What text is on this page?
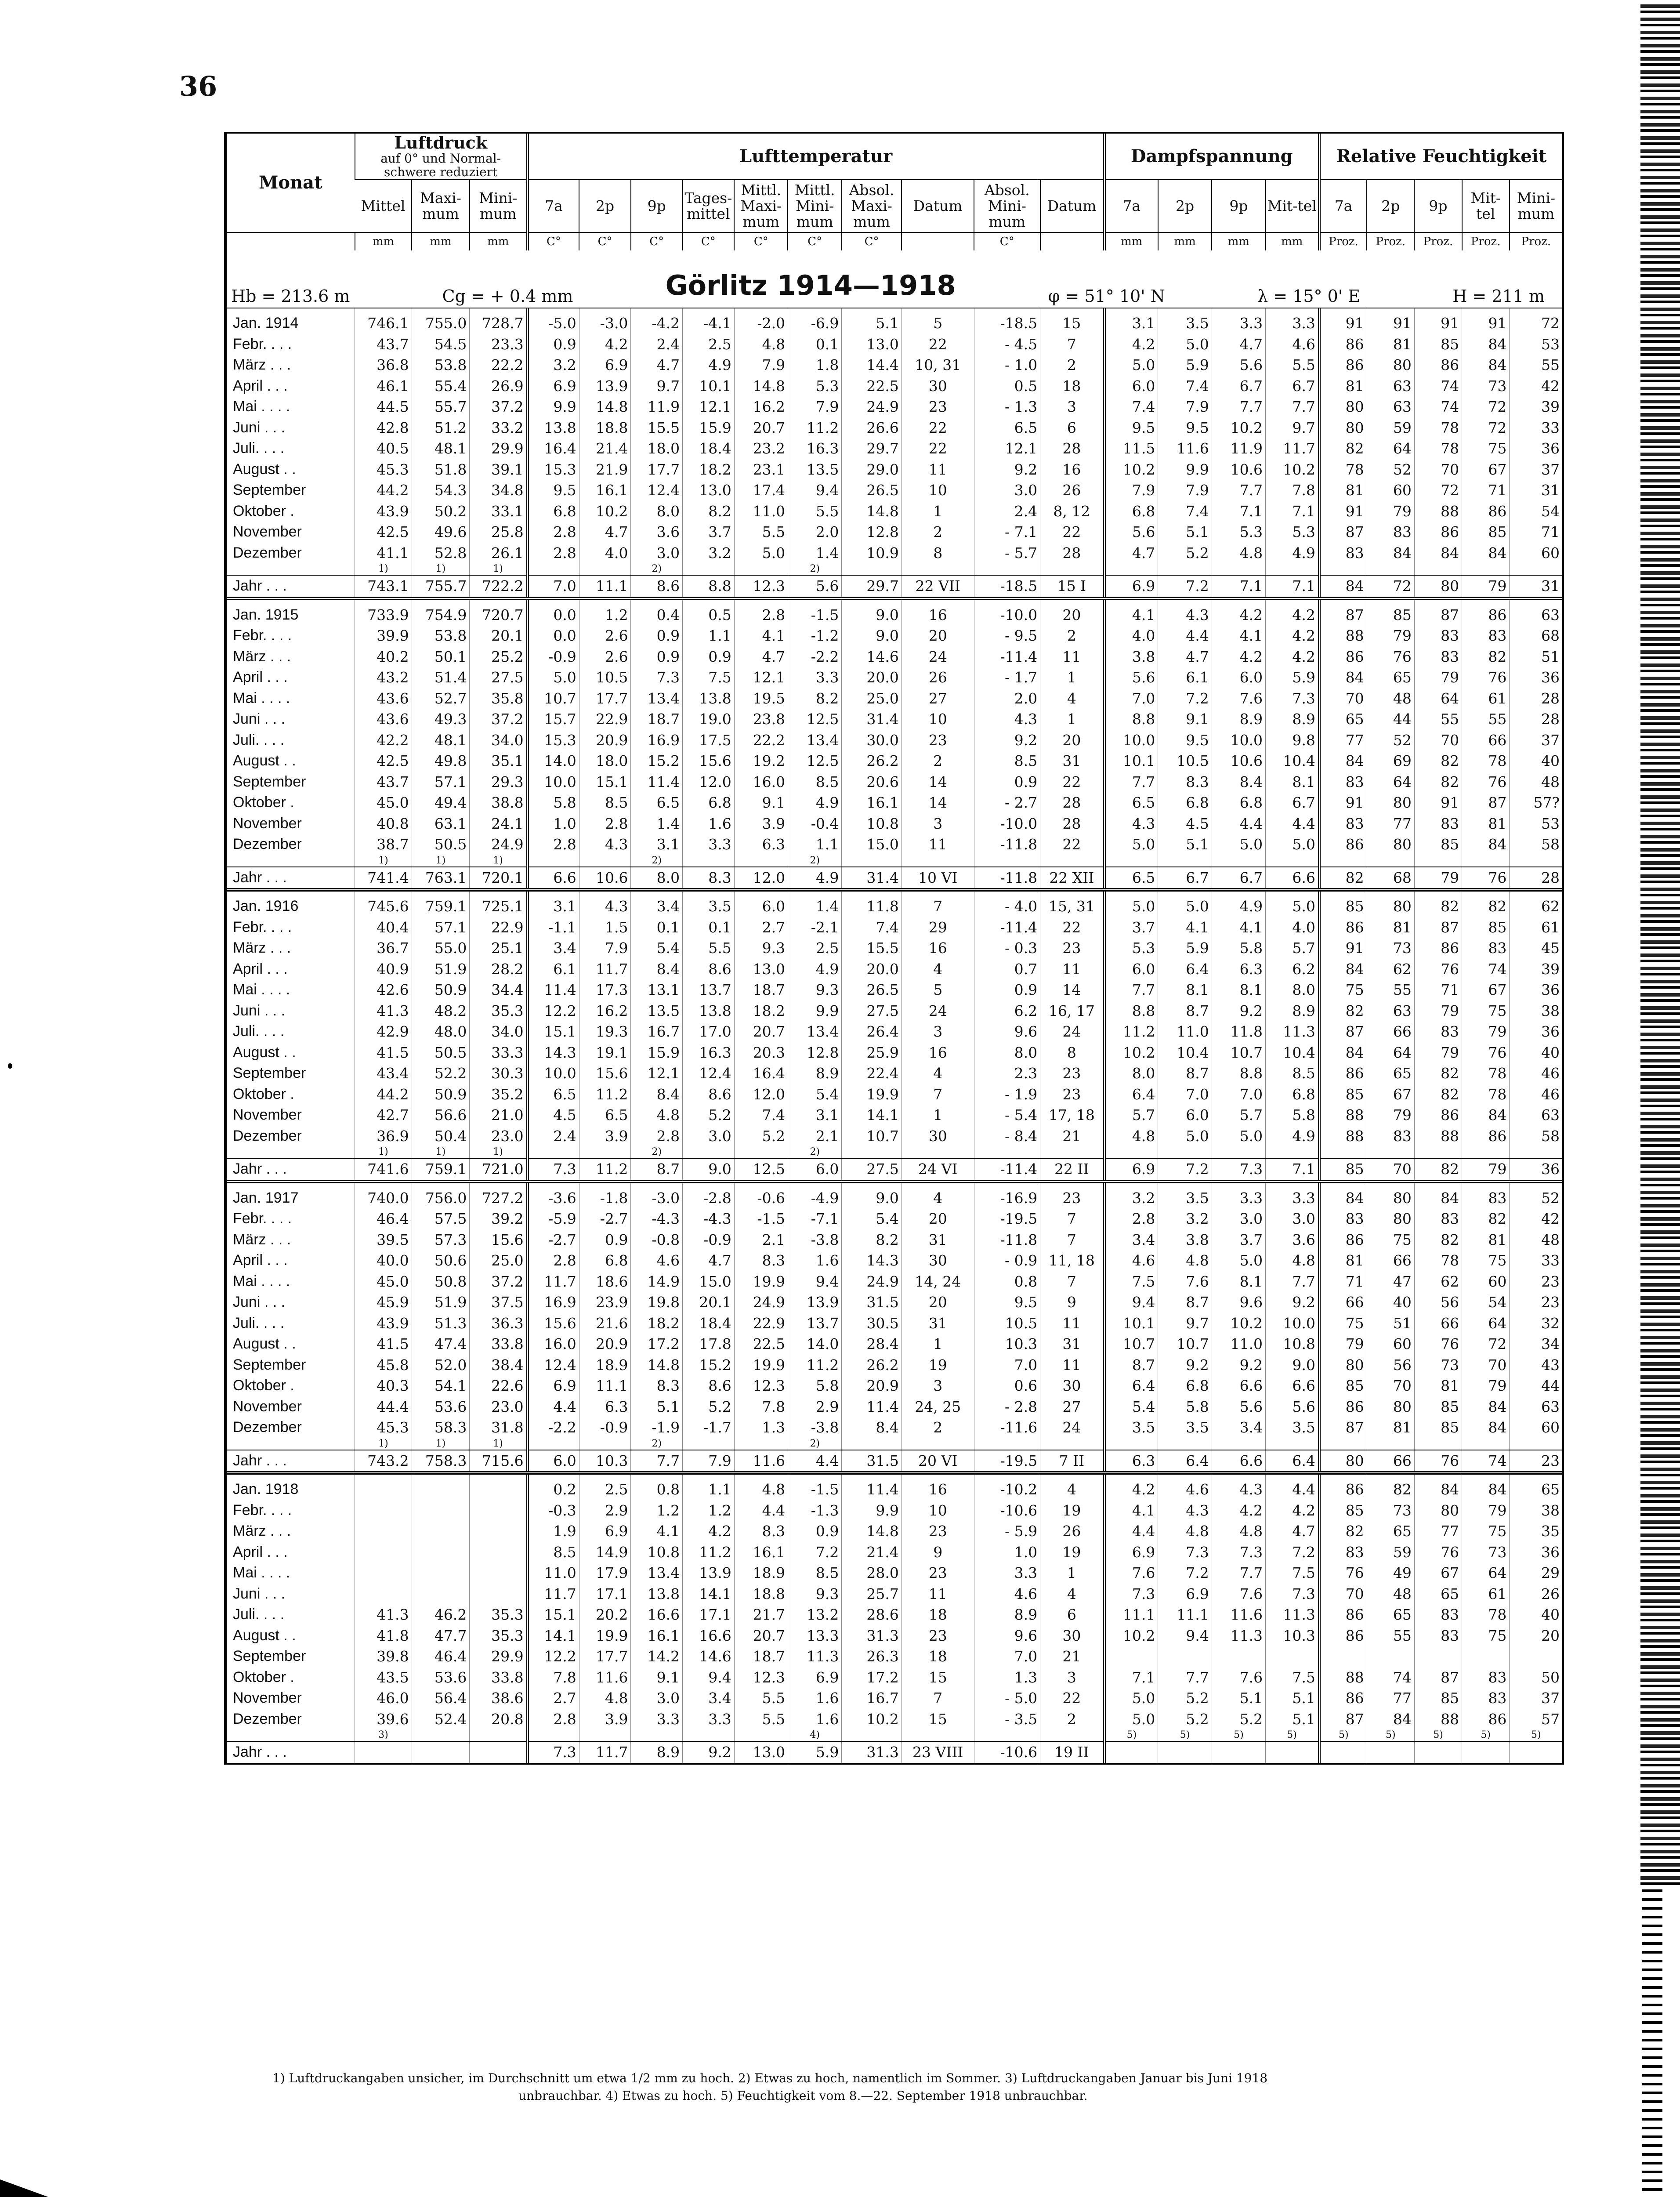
36
Monat	Luftdruck
auf 0° und Normal-schwere reduziert			Lufttemperatur										Dampfspannung				Relative Feuchtigkeit				
	Mittel	Maxi-mum	Mini-mum	7a	2p	9p	Tages-mittel	Mittl. Maxi-mum	Mittl. Mini-mum	Absol. Maxi-mum	Datum	Absol. Mini-mum	Datum	7a	2p	9p	Mit-tel	7a	2p	9p	Mit-tel	Mini-mum
	mm	mm	mm	C°	C°	C°	C°	C°	C°	C°		C°		mm	mm	mm	mm	Proz.	Proz.	Proz.	Proz.	Proz.
Hb = 213.6 m	Cg = + 0.4 mm	Görlitz 1914—1918	φ = 51° 10' N	λ = 15° 0' E	H = 211 m
Jan. 1914	746.1	755.0	728.7	-5.0	-3.0	-4.2	-4.1	-2.0	-6.9	5.1	5	-18.5	15	3.1	3.5	3.3	3.3	91	91	91	91	72
Febr. . . .	43.7	54.5	23.3	0.9	4.2	2.4	2.5	4.8	0.1	13.0	22	- 4.5	7	4.2	5.0	4.7	4.6	86	81	85	84	53
März . . .	36.8	53.8	22.2	3.2	6.9	4.7	4.9	7.9	1.8	14.4	10, 31	- 1.0	2	5.0	5.9	5.6	5.5	86	80	86	84	55
April . . .	46.1	55.4	26.9	6.9	13.9	9.7	10.1	14.8	5.3	22.5	30	0.5	18	6.0	7.4	6.7	6.7	81	63	74	73	42
Mai . . . .	44.5	55.7	37.2	9.9	14.8	11.9	12.1	16.2	7.9	24.9	23	- 1.3	3	7.4	7.9	7.7	7.7	80	63	74	72	39
Juni . . .	42.8	51.2	33.2	13.8	18.8	15.5	15.9	20.7	11.2	26.6	22	6.5	6	9.5	9.5	10.2	9.7	80	59	78	72	33
Juli. . . .	40.5	48.1	29.9	16.4	21.4	18.0	18.4	23.2	16.3	29.7	22	12.1	28	11.5	11.6	11.9	11.7	82	64	78	75	36
August . .	45.3	51.8	39.1	15.3	21.9	17.7	18.2	23.1	13.5	29.0	11	9.2	16	10.2	9.9	10.6	10.2	78	52	70	67	37
September	44.2	54.3	34.8	9.5	16.1	12.4	13.0	17.4	9.4	26.5	10	3.0	26	7.9	7.9	7.7	7.8	81	60	72	71	31
Oktober .	43.9	50.2	33.1	6.8	10.2	8.0	8.2	11.0	5.5	14.8	1	2.4	8, 12	6.8	7.4	7.1	7.1	91	79	88	86	54
November	42.5	49.6	25.8	2.8	4.7	3.6	3.7	5.5	2.0	12.8	2	- 7.1	22	5.6	5.1	5.3	5.3	87	83	86	85	71
Dezember	41.1	52.8	26.1	2.8	4.0	3.0	3.2	5.0	1.4	10.9	8	- 5.7	28	4.7	5.2	4.8	4.9	83	84	84	84	60
	1)	1)	1)			2)			2)													
Jahr . . .	743.1	755.7	722.2	7.0	11.1	8.6	8.8	12.3	5.6	29.7	22 VII	-18.5	15 I	6.9	7.2	7.1	7.1	84	72	80	79	31
Jan. 1915	733.9	754.9	720.7	0.0	1.2	0.4	0.5	2.8	-1.5	9.0	16	-10.0	20	4.1	4.3	4.2	4.2	87	85	87	86	63
Febr. . . .	39.9	53.8	20.1	0.0	2.6	0.9	1.1	4.1	-1.2	9.0	20	- 9.5	2	4.0	4.4	4.1	4.2	88	79	83	83	68
März . . .	40.2	50.1	25.2	-0.9	2.6	0.9	0.9	4.7	-2.2	14.6	24	-11.4	11	3.8	4.7	4.2	4.2	86	76	83	82	51
April . . .	43.2	51.4	27.5	5.0	10.5	7.3	7.5	12.1	3.3	20.0	26	- 1.7	1	5.6	6.1	6.0	5.9	84	65	79	76	36
Mai . . . .	43.6	52.7	35.8	10.7	17.7	13.4	13.8	19.5	8.2	25.0	27	2.0	4	7.0	7.2	7.6	7.3	70	48	64	61	28
Juni . . .	43.6	49.3	37.2	15.7	22.9	18.7	19.0	23.8	12.5	31.4	10	4.3	1	8.8	9.1	8.9	8.9	65	44	55	55	28
Juli. . . .	42.2	48.1	34.0	15.3	20.9	16.9	17.5	22.2	13.4	30.0	23	9.2	20	10.0	9.5	10.0	9.8	77	52	70	66	37
August . .	42.5	49.8	35.1	14.0	18.0	15.2	15.6	19.2	12.5	26.2	2	8.5	31	10.1	10.5	10.6	10.4	84	69	82	78	40
September	43.7	57.1	29.3	10.0	15.1	11.4	12.0	16.0	8.5	20.6	14	0.9	22	7.7	8.3	8.4	8.1	83	64	82	76	48
Oktober .	45.0	49.4	38.8	5.8	8.5	6.5	6.8	9.1	4.9	16.1	14	- 2.7	28	6.5	6.8	6.8	6.7	91	80	91	87	57?
November	40.8	63.1	24.1	1.0	2.8	1.4	1.6	3.9	-0.4	10.8	3	-10.0	28	4.3	4.5	4.4	4.4	83	77	83	81	53
Dezember	38.7	50.5	24.9	2.8	4.3	3.1	3.3	6.3	1.1	15.0	11	-11.8	22	5.0	5.1	5.0	5.0	86	80	85	84	58
	1)	1)	1)			2)			2)													
Jahr . . .	741.4	763.1	720.1	6.6	10.6	8.0	8.3	12.0	4.9	31.4	10 VI	-11.8	22 XII	6.5	6.7	6.7	6.6	82	68	79	76	28
Jan. 1916	745.6	759.1	725.1	3.1	4.3	3.4	3.5	6.0	1.4	11.8	7	- 4.0	15, 31	5.0	5.0	4.9	5.0	85	80	82	82	62
Febr. . . .	40.4	57.1	22.9	-1.1	1.5	0.1	0.1	2.7	-2.1	7.4	29	-11.4	22	3.7	4.1	4.1	4.0	86	81	87	85	61
März . . .	36.7	55.0	25.1	3.4	7.9	5.4	5.5	9.3	2.5	15.5	16	- 0.3	23	5.3	5.9	5.8	5.7	91	73	86	83	45
April . . .	40.9	51.9	28.2	6.1	11.7	8.4	8.6	13.0	4.9	20.0	4	0.7	11	6.0	6.4	6.3	6.2	84	62	76	74	39
Mai . . . .	42.6	50.9	34.4	11.4	17.3	13.1	13.7	18.7	9.3	26.5	5	0.9	14	7.7	8.1	8.1	8.0	75	55	71	67	36
Juni . . .	41.3	48.2	35.3	12.2	16.2	13.5	13.8	18.2	9.9	27.5	24	6.2	16, 17	8.8	8.7	9.2	8.9	82	63	79	75	38
Juli. . . .	42.9	48.0	34.0	15.1	19.3	16.7	17.0	20.7	13.4	26.4	3	9.6	24	11.2	11.0	11.8	11.3	87	66	83	79	36
August . .	41.5	50.5	33.3	14.3	19.1	15.9	16.3	20.3	12.8	25.9	16	8.0	8	10.2	10.4	10.7	10.4	84	64	79	76	40
September	43.4	52.2	30.3	10.0	15.6	12.1	12.4	16.4	8.9	22.4	4	2.3	23	8.0	8.7	8.8	8.5	86	65	82	78	46
Oktober .	44.2	50.9	35.2	6.5	11.2	8.4	8.6	12.0	5.4	19.9	7	- 1.9	23	6.4	7.0	7.0	6.8	85	67	82	78	46
November	42.7	56.6	21.0	4.5	6.5	4.8	5.2	7.4	3.1	14.1	1	- 5.4	17, 18	5.7	6.0	5.7	5.8	88	79	86	84	63
Dezember	36.9	50.4	23.0	2.4	3.9	2.8	3.0	5.2	2.1	10.7	30	- 8.4	21	4.8	5.0	5.0	4.9	88	83	88	86	58
	1)	1)	1)			2)			2)													
Jahr . . .	741.6	759.1	721.0	7.3	11.2	8.7	9.0	12.5	6.0	27.5	24 VI	-11.4	22 II	6.9	7.2	7.3	7.1	85	70	82	79	36
Jan. 1917	740.0	756.0	727.2	-3.6	-1.8	-3.0	-2.8	-0.6	-4.9	9.0	4	-16.9	23	3.2	3.5	3.3	3.3	84	80	84	83	52
Febr. . . .	46.4	57.5	39.2	-5.9	-2.7	-4.3	-4.3	-1.5	-7.1	5.4	20	-19.5	7	2.8	3.2	3.0	3.0	83	80	83	82	42
März . . .	39.5	57.3	15.6	-2.7	0.9	-0.8	-0.9	2.1	-3.8	8.2	31	-11.8	7	3.4	3.8	3.7	3.6	86	75	82	81	48
April . . .	40.0	50.6	25.0	2.8	6.8	4.6	4.7	8.3	1.6	14.3	30	- 0.9	11, 18	4.6	4.8	5.0	4.8	81	66	78	75	33
Mai . . . .	45.0	50.8	37.2	11.7	18.6	14.9	15.0	19.9	9.4	24.9	14, 24	0.8	7	7.5	7.6	8.1	7.7	71	47	62	60	23
Juni . . .	45.9	51.9	37.5	16.9	23.9	19.8	20.1	24.9	13.9	31.5	20	9.5	9	9.4	8.7	9.6	9.2	66	40	56	54	23
Juli. . . .	43.9	51.3	36.3	15.6	21.6	18.2	18.4	22.9	13.7	30.5	31	10.5	11	10.1	9.7	10.2	10.0	75	51	66	64	32
August . .	41.5	47.4	33.8	16.0	20.9	17.2	17.8	22.5	14.0	28.4	1	10.3	31	10.7	10.7	11.0	10.8	79	60	76	72	34
September	45.8	52.0	38.4	12.4	18.9	14.8	15.2	19.9	11.2	26.2	19	7.0	11	8.7	9.2	9.2	9.0	80	56	73	70	43
Oktober .	40.3	54.1	22.6	6.9	11.1	8.3	8.6	12.3	5.8	20.9	3	0.6	30	6.4	6.8	6.6	6.6	85	70	81	79	44
November	44.4	53.6	23.0	4.4	6.3	5.1	5.2	7.8	2.9	11.4	24, 25	- 2.8	27	5.4	5.8	5.6	5.6	86	80	85	84	63
Dezember	45.3	58.3	31.8	-2.2	-0.9	-1.9	-1.7	1.3	-3.8	8.4	2	-11.6	24	3.5	3.5	3.4	3.5	87	81	85	84	60
	1)	1)	1)			2)			2)													
Jahr . . .	743.2	758.3	715.6	6.0	10.3	7.7	7.9	11.6	4.4	31.5	20 VI	-19.5	7 II	6.3	6.4	6.6	6.4	80	66	76	74	23
Jan. 1918				0.2	2.5	0.8	1.1	4.8	-1.5	11.4	16	-10.2	4	4.2	4.6	4.3	4.4	86	82	84	84	65
Febr. . . .				-0.3	2.9	1.2	1.2	4.4	-1.3	9.9	10	-10.6	19	4.1	4.3	4.2	4.2	85	73	80	79	38
März . . .				1.9	6.9	4.1	4.2	8.3	0.9	14.8	23	- 5.9	26	4.4	4.8	4.8	4.7	82	65	77	75	35
April . . .				8.5	14.9	10.8	11.2	16.1	7.2	21.4	9	1.0	19	6.9	7.3	7.3	7.2	83	59	76	73	36
Mai . . . .				11.0	17.9	13.4	13.9	18.9	8.5	28.0	23	3.3	1	7.6	7.2	7.7	7.5	76	49	67	64	29
Juni . . .				11.7	17.1	13.8	14.1	18.8	9.3	25.7	11	4.6	4	7.3	6.9	7.6	7.3	70	48	65	61	26
Juli. . . .	41.3	46.2	35.3	15.1	20.2	16.6	17.1	21.7	13.2	28.6	18	8.9	6	11.1	11.1	11.6	11.3	86	65	83	78	40
August . .	41.8	47.7	35.3	14.1	19.9	16.1	16.6	20.7	13.3	31.3	23	9.6	30	10.2	9.4	11.3	10.3	86	55	83	75	20
September	39.8	46.4	29.9	12.2	17.7	14.2	14.6	18.7	11.3	26.3	18	7.0	21									
Oktober .	43.5	53.6	33.8	7.8	11.6	9.1	9.4	12.3	6.9	17.2	15	1.3	3	7.1	7.7	7.6	7.5	88	74	87	83	50
November	46.0	56.4	38.6	2.7	4.8	3.0	3.4	5.5	1.6	16.7	7	- 5.0	22	5.0	5.2	5.1	5.1	86	77	85	83	37
Dezember	39.6	52.4	20.8	2.8	3.9	3.3	3.3	5.5	1.6	10.2	15	- 3.5	2	5.0	5.2	5.2	5.1	87	84	88	86	57
	3)								4)					5)	5)	5)	5)	5)	5)	5)	5)	5)
Jahr . . .				7.3	11.7	8.9	9.2	13.0	5.9	31.3	23 VIII	-10.6	19 II									

1) Luftdruckangaben unsicher, im Durchschnitt um etwa 1/2 mm zu hoch. 2) Etwas zu hoch, namentlich im Sommer. 3) Luftdruckangaben Januar bis Juni 1918

unbrauchbar. 4) Etwas zu hoch. 5) Feuchtigkeit vom 8.—22. September 1918 unbrauchbar.
